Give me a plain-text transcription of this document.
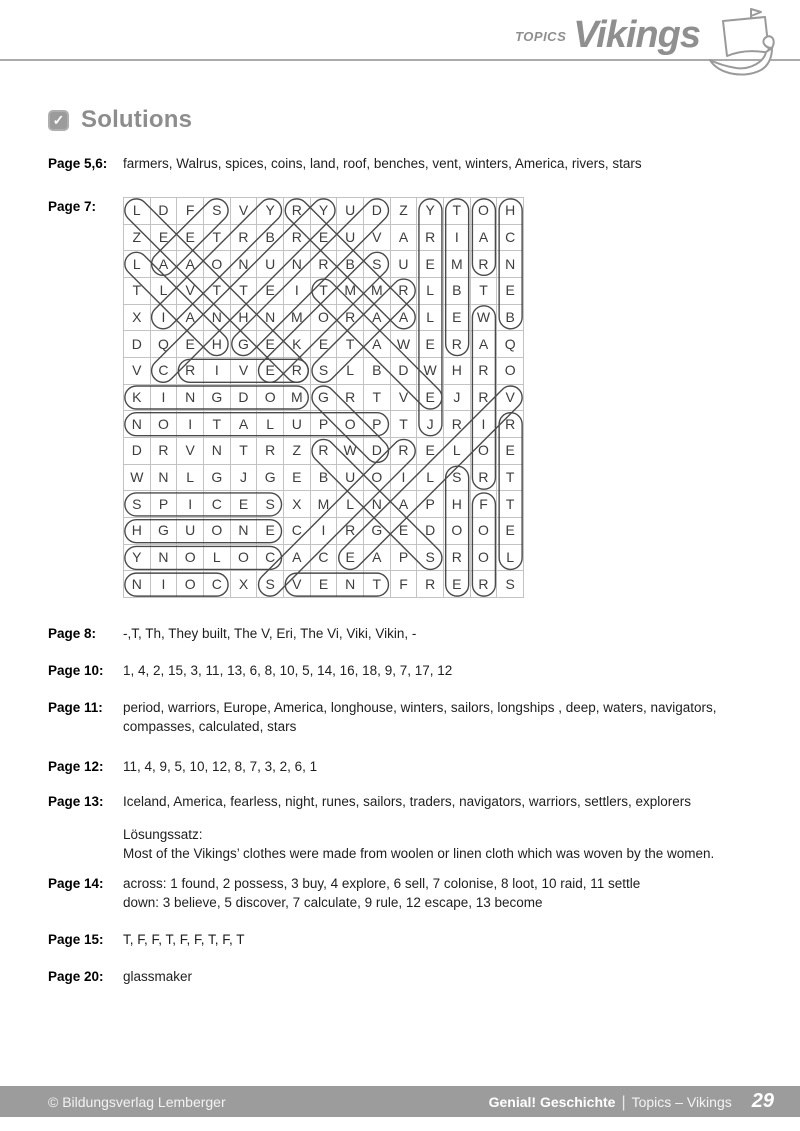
TOPICS Vikings
✓ Solutions
Page 5,6:	farmers, Walrus, spices, coins, land, roof, benches, vent, winters, America, rivers, stars
Page 7:	L	D	F	S	V	Y	R	Y	U	D	Z	Y	T	O	H
Z	E	E	T	R	B	R	E	U	V	A	R	I	A	C
L	A	A	O	N	U	N	R	B	S	U	E	M	R	N
T	L	V	T	T	E	I	T	M	M	R	L	B	T	E
X	I	A	N	H	N	M	O	R	A	A	L	E	W	B
D	Q	E	H	G	E	K	E	T	A	W	E	R	A	Q
V	C	R	I	V	E	R	S	L	B	D	W	H	R	O
K	I	N	G	D	O	M	G	R	T	V	E	J	R	V
N	O	I	T	A	L	U	P	O	P	T	J	R	I	R
D	R	V	N	T	R	Z	R	W	D	R	E	L	O	E
W	N	L	G	J	G	E	B	U	O	I	L	S	R	T
S	P	I	C	E	S	X	M	L	N	A	P	H	F	T
H	G	U	O	N	E	C	I	R	G	E	D	O	O	E
Y	N	O	L	O	C	A	C	E	A	P	S	R	O	L
N	I	O	C	X	S	V	E	N	T	F	R	E	R	S
Page 8:	-,T, Th, They built, The V, Eri, The Vi, Viki, Vikin, -
Page 10:	1, 4, 2, 15, 3, 11, 13, 6, 8, 10, 5, 14, 16, 18, 9, 7, 17, 12
Page 11:	period, warriors, Europe, America, longhouse, winters, sailors, longships , deep, waters, navigators, compasses, calculated, stars
Page 12:	11, 4, 9, 5, 10, 12, 8, 7, 3, 2, 6, 1
Page 13:	Iceland, America, fearless, night, runes, sailors, traders, navigators, warriors, settlers, explorers
Lösungssatz:
Most of the Vikings’ clothes were made from woolen or linen cloth which was woven by the women.
Page 14:	across: 1 found, 2 possess, 3 buy, 4 explore, 6 sell, 7 colonise, 8 loot, 10 raid, 11 settle
down: 3 believe, 5 discover, 7 calculate, 9 rule, 12 escape, 13 become
Page 15:	T, F, F, T, F, F, T, F, T
Page 20:	glassmaker
© Bildungsverlag Lemberger	Genial! Geschichte | Topics – Vikings 29
